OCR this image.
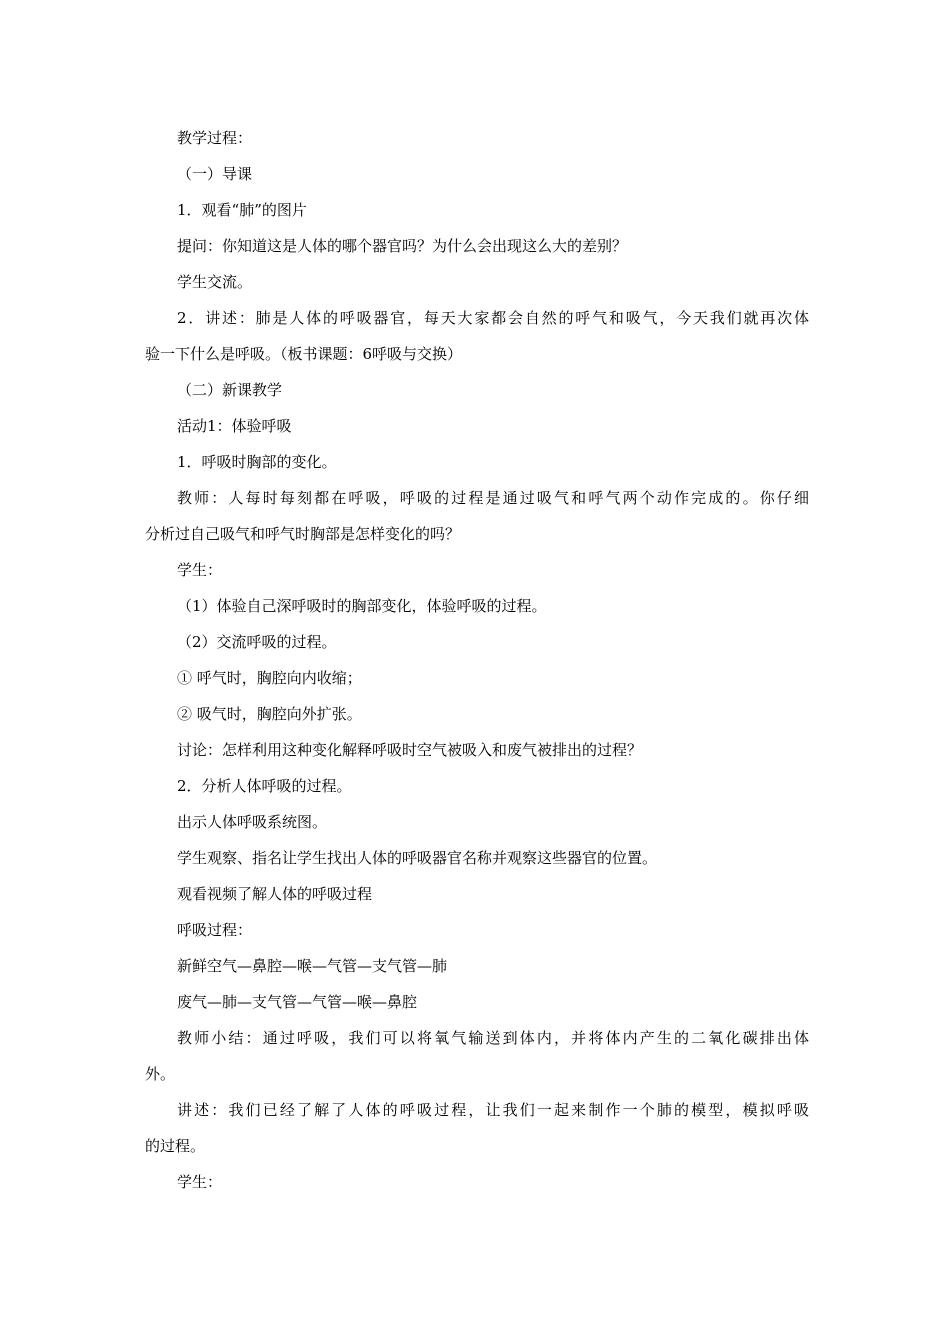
教学过程：
（一）导课
1．观看“肺”的图片
提问：你知道这是人体的哪个器官吗？为什么会出现这么大的差别？
学生交流。
2．讲述：肺是人体的呼吸器官，每天大家都会自然的呼气和吸气，今天我们就再次体
验一下什么是呼吸。（板书课题：6呼吸与交换）
（二）新课教学
活动1：体验呼吸
1．呼吸时胸部的变化。
教师：人每时每刻都在呼吸，呼吸的过程是通过吸气和呼气两个动作完成的。你仔细
分析过自己吸气和呼气时胸部是怎样变化的吗？
学生：
（1）体验自己深呼吸时的胸部变化，体验呼吸的过程。
（2）交流呼吸的过程。
① 呼气时，胸腔向内收缩；
② 吸气时，胸腔向外扩张。
讨论：怎样利用这种变化解释呼吸时空气被吸入和废气被排出的过程？
2．分析人体呼吸的过程。
出示人体呼吸系统图。
学生观察、指名让学生找出人体的呼吸器官名称并观察这些器官的位置。
观看视频了解人体的呼吸过程
呼吸过程：
新鲜空气—鼻腔—喉—气管—支气管—肺
废气—肺—支气管—气管—喉—鼻腔
教师小结：通过呼吸，我们可以将氧气输送到体内，并将体内产生的二氧化碳排出体
外。
讲述：我们已经了解了人体的呼吸过程，让我们一起来制作一个肺的模型，模拟呼吸
的过程。
学生：
